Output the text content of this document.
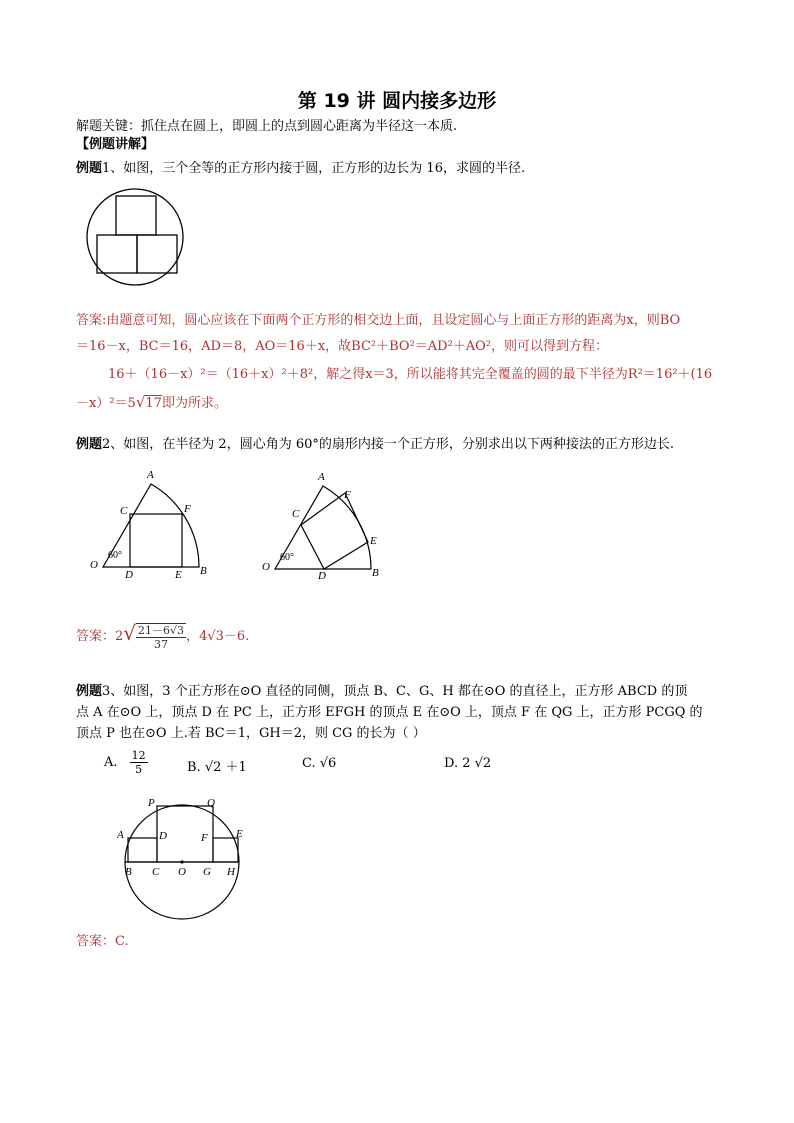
第 19 讲 圆内接多边形
解题关键：抓住点在圆上，即圆上的点到圆心距离为半径这一本质.
【例题讲解】
例题1、如图，三个全等的正方形内接于圆，正方形的边长为 16，求圆的半径.
答案:由题意可知，圆心应该在下面两个正方形的相交边上面，且设定圆心与上面正方形的距离为x，则BO
＝16－x，BC＝16，AD＝8，AO＝16＋x，故BC²＋BO²＝AD²＋AO²，则可以得到方程：
16＋（16－x）²＝（16＋x）²＋8²，解之得x＝3，所以能将其完全覆盖的圆的最下半径为R²＝16²＋(16
－x）²＝5√17即为所求。
例题2、如图，在半径为 2，圆心角为 60°的扇形内接一个正方形，分别求出以下两种接法的正方形边长.
A
C	F
O
60°
D	E B
A
F
C
E
O
60°
D	B
答案：$2√ \frac{21-6√3}{37}$ ，4√3－6.
例题3、如图，3 个正方形在⊙O 直径的同侧，顶点 B、C、G、H 都在⊙O 的直径上，正方形 ABCD 的顶
点 A 在⊙O 上，顶点 D 在 PC 上，正方形 EFGH 的顶点 E 在⊙O 上，顶点 F 在 QG 上，正方形 PCGQ 的
顶点 P 也在⊙O 上.若 BC＝1，GH＝2，则 CG 的长为（ ）
A. $\frac{12}{5}$	B. √2 ＋1	C. √6	D. 2 √2
P	Q
A	D	F	E
B C O G H
答案：C.
